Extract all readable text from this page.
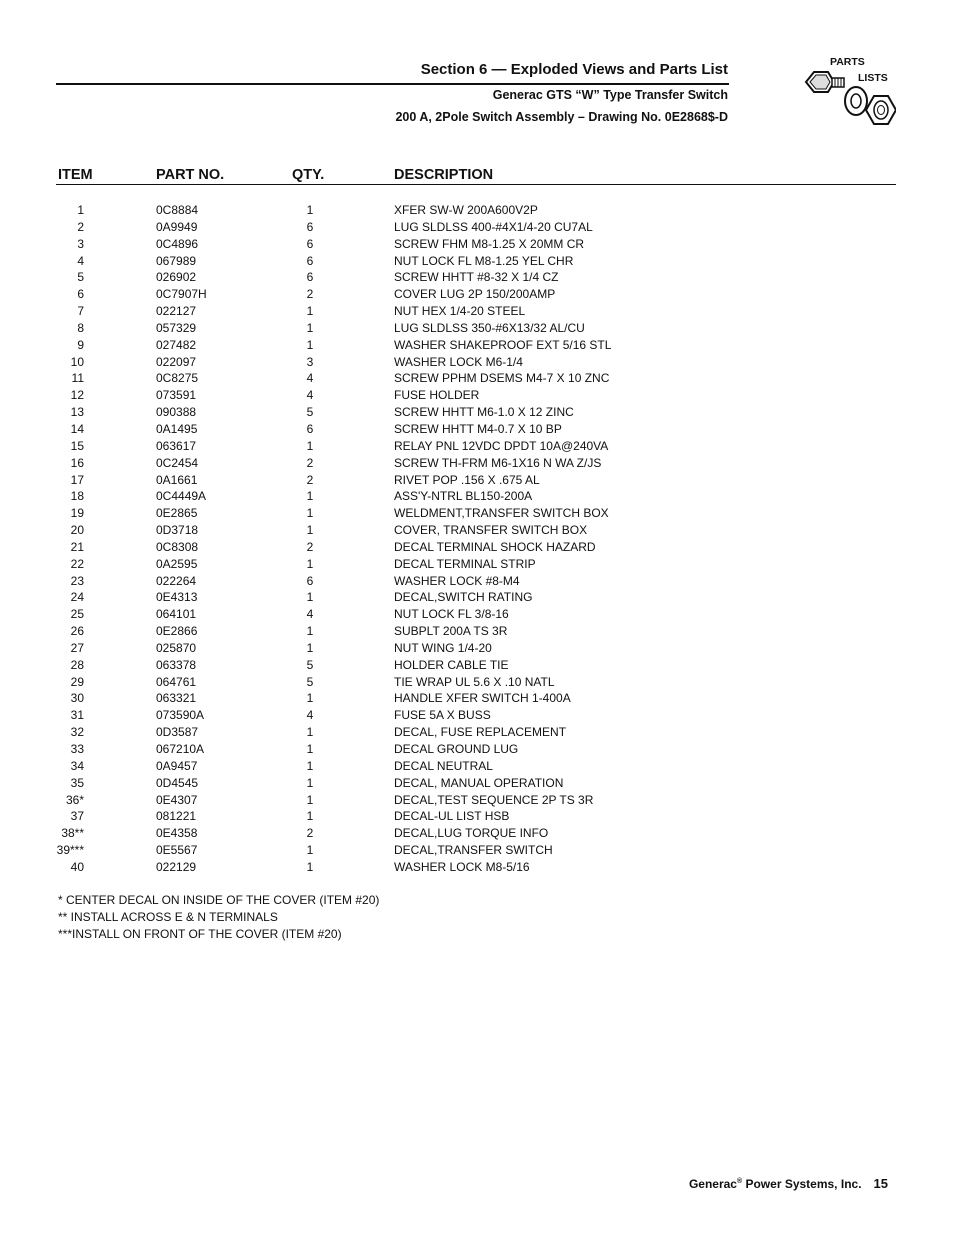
Section 6 — Exploded Views and Parts List
Generac GTS “W” Type Transfer Switch
200 A, 2Pole Switch Assembly – Drawing No. 0E2868$-D
PARTS
LISTS
ITEM	PART NO.	QTY.	DESCRIPTION
1	0C8884	1	XFER SW-W 200A600V2P
2	0A9949	6	LUG SLDLSS 400-#4X1/4-20 CU7AL
3	0C4896	6	SCREW FHM M8-1.25 X 20MM CR
4	067989	6	NUT LOCK FL M8-1.25 YEL CHR
5	026902	6	SCREW HHTT #8-32 X 1/4 CZ
6	0C7907H	2	COVER LUG 2P 150/200AMP
7	022127	1	NUT HEX 1/4-20 STEEL
8	057329	1	LUG SLDLSS 350-#6X13/32 AL/CU
9	027482	1	WASHER SHAKEPROOF EXT 5/16 STL
10	022097	3	WASHER LOCK M6-1/4
11	0C8275	4	SCREW PPHM DSEMS M4-7 X 10 ZNC
12	073591	4	FUSE HOLDER
13	090388	5	SCREW HHTT M6-1.0 X 12 ZINC
14	0A1495	6	SCREW HHTT M4-0.7 X 10 BP
15	063617	1	RELAY PNL 12VDC DPDT 10A@240VA
16	0C2454	2	SCREW TH-FRM M6-1X16 N WA Z/JS
17	0A1661	2	RIVET POP .156 X .675 AL
18	0C4449A	1	ASS'Y-NTRL BL150-200A
19	0E2865	1	WELDMENT,TRANSFER SWITCH BOX
20	0D3718	1	COVER, TRANSFER SWITCH BOX
21	0C8308	2	DECAL TERMINAL SHOCK HAZARD
22	0A2595	1	DECAL TERMINAL STRIP
23	022264	6	WASHER LOCK #8-M4
24	0E4313	1	DECAL,SWITCH RATING
25	064101	4	NUT LOCK FL 3/8-16
26	0E2866	1	SUBPLT 200A TS 3R
27	025870	1	NUT WING 1/4-20
28	063378	5	HOLDER CABLE TIE
29	064761	5	TIE WRAP UL 5.6 X .10 NATL
30	063321	1	HANDLE XFER SWITCH 1-400A
31	073590A	4	FUSE 5A X BUSS
32	0D3587	1	DECAL, FUSE REPLACEMENT
33	067210A	1	DECAL GROUND LUG
34	0A9457	1	DECAL NEUTRAL
35	0D4545	1	DECAL, MANUAL OPERATION
36*	0E4307	1	DECAL,TEST SEQUENCE 2P TS 3R
37	081221	1	DECAL-UL LIST HSB
38**	0E4358	2	DECAL,LUG TORQUE INFO
39***	0E5567	1	DECAL,TRANSFER SWITCH
40	022129	1	WASHER LOCK M8-5/16
* CENTER DECAL ON INSIDE OF THE COVER (ITEM #20)
** INSTALL ACROSS E & N TERMINALS
***INSTALL ON FRONT OF THE COVER (ITEM #20)
Generac® Power Systems, Inc. 15
